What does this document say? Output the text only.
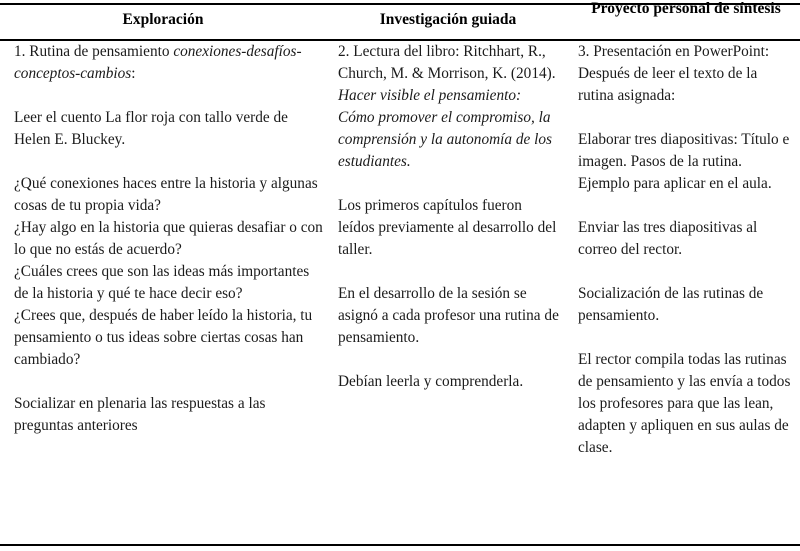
Exploración	Investigación guiada
Proyecto personal de síntesis
1. Rutina de pensamiento conexiones-desafíos-conceptos-cambios:
Leer el cuento La flor roja con tallo verde de Helen E. Bluckey.
¿Qué conexiones haces entre la historia y algunas cosas de tu propia vida?
¿Hay algo en la historia que quieras desafiar o con lo que no estás de acuerdo?
¿Cuáles crees que son las ideas más importantes de la historia y qué te hace decir eso?
¿Crees que, después de haber leído la historia, tu pensamiento o tus ideas sobre ciertas cosas han cambiado?
Socializar en plenaria las respuestas a las preguntas anteriores
2. Lectura del libro: Ritchhart, R., Church, M. & Morrison, K. (2014). Hacer visible el pensamiento: Cómo promover el compromiso, la comprensión y la autonomía de los estudiantes.
Los primeros capítulos fueron leídos previamente al desarrollo del taller.
En el desarrollo de la sesión se asignó a cada profesor una rutina de pensamiento.
Debían leerla y comprenderla.
3. Presentación en PowerPoint: Después de leer el texto de la rutina asignada:
Elaborar tres diapositivas: Título e imagen. Pasos de la rutina. Ejemplo para aplicar en el aula.
Enviar las tres diapositivas al correo del rector.
Socialización de las rutinas de pensamiento.
El rector compila todas las rutinas de pensamiento y las envía a todos los profesores para que las lean, adapten y apliquen en sus aulas de clase.
